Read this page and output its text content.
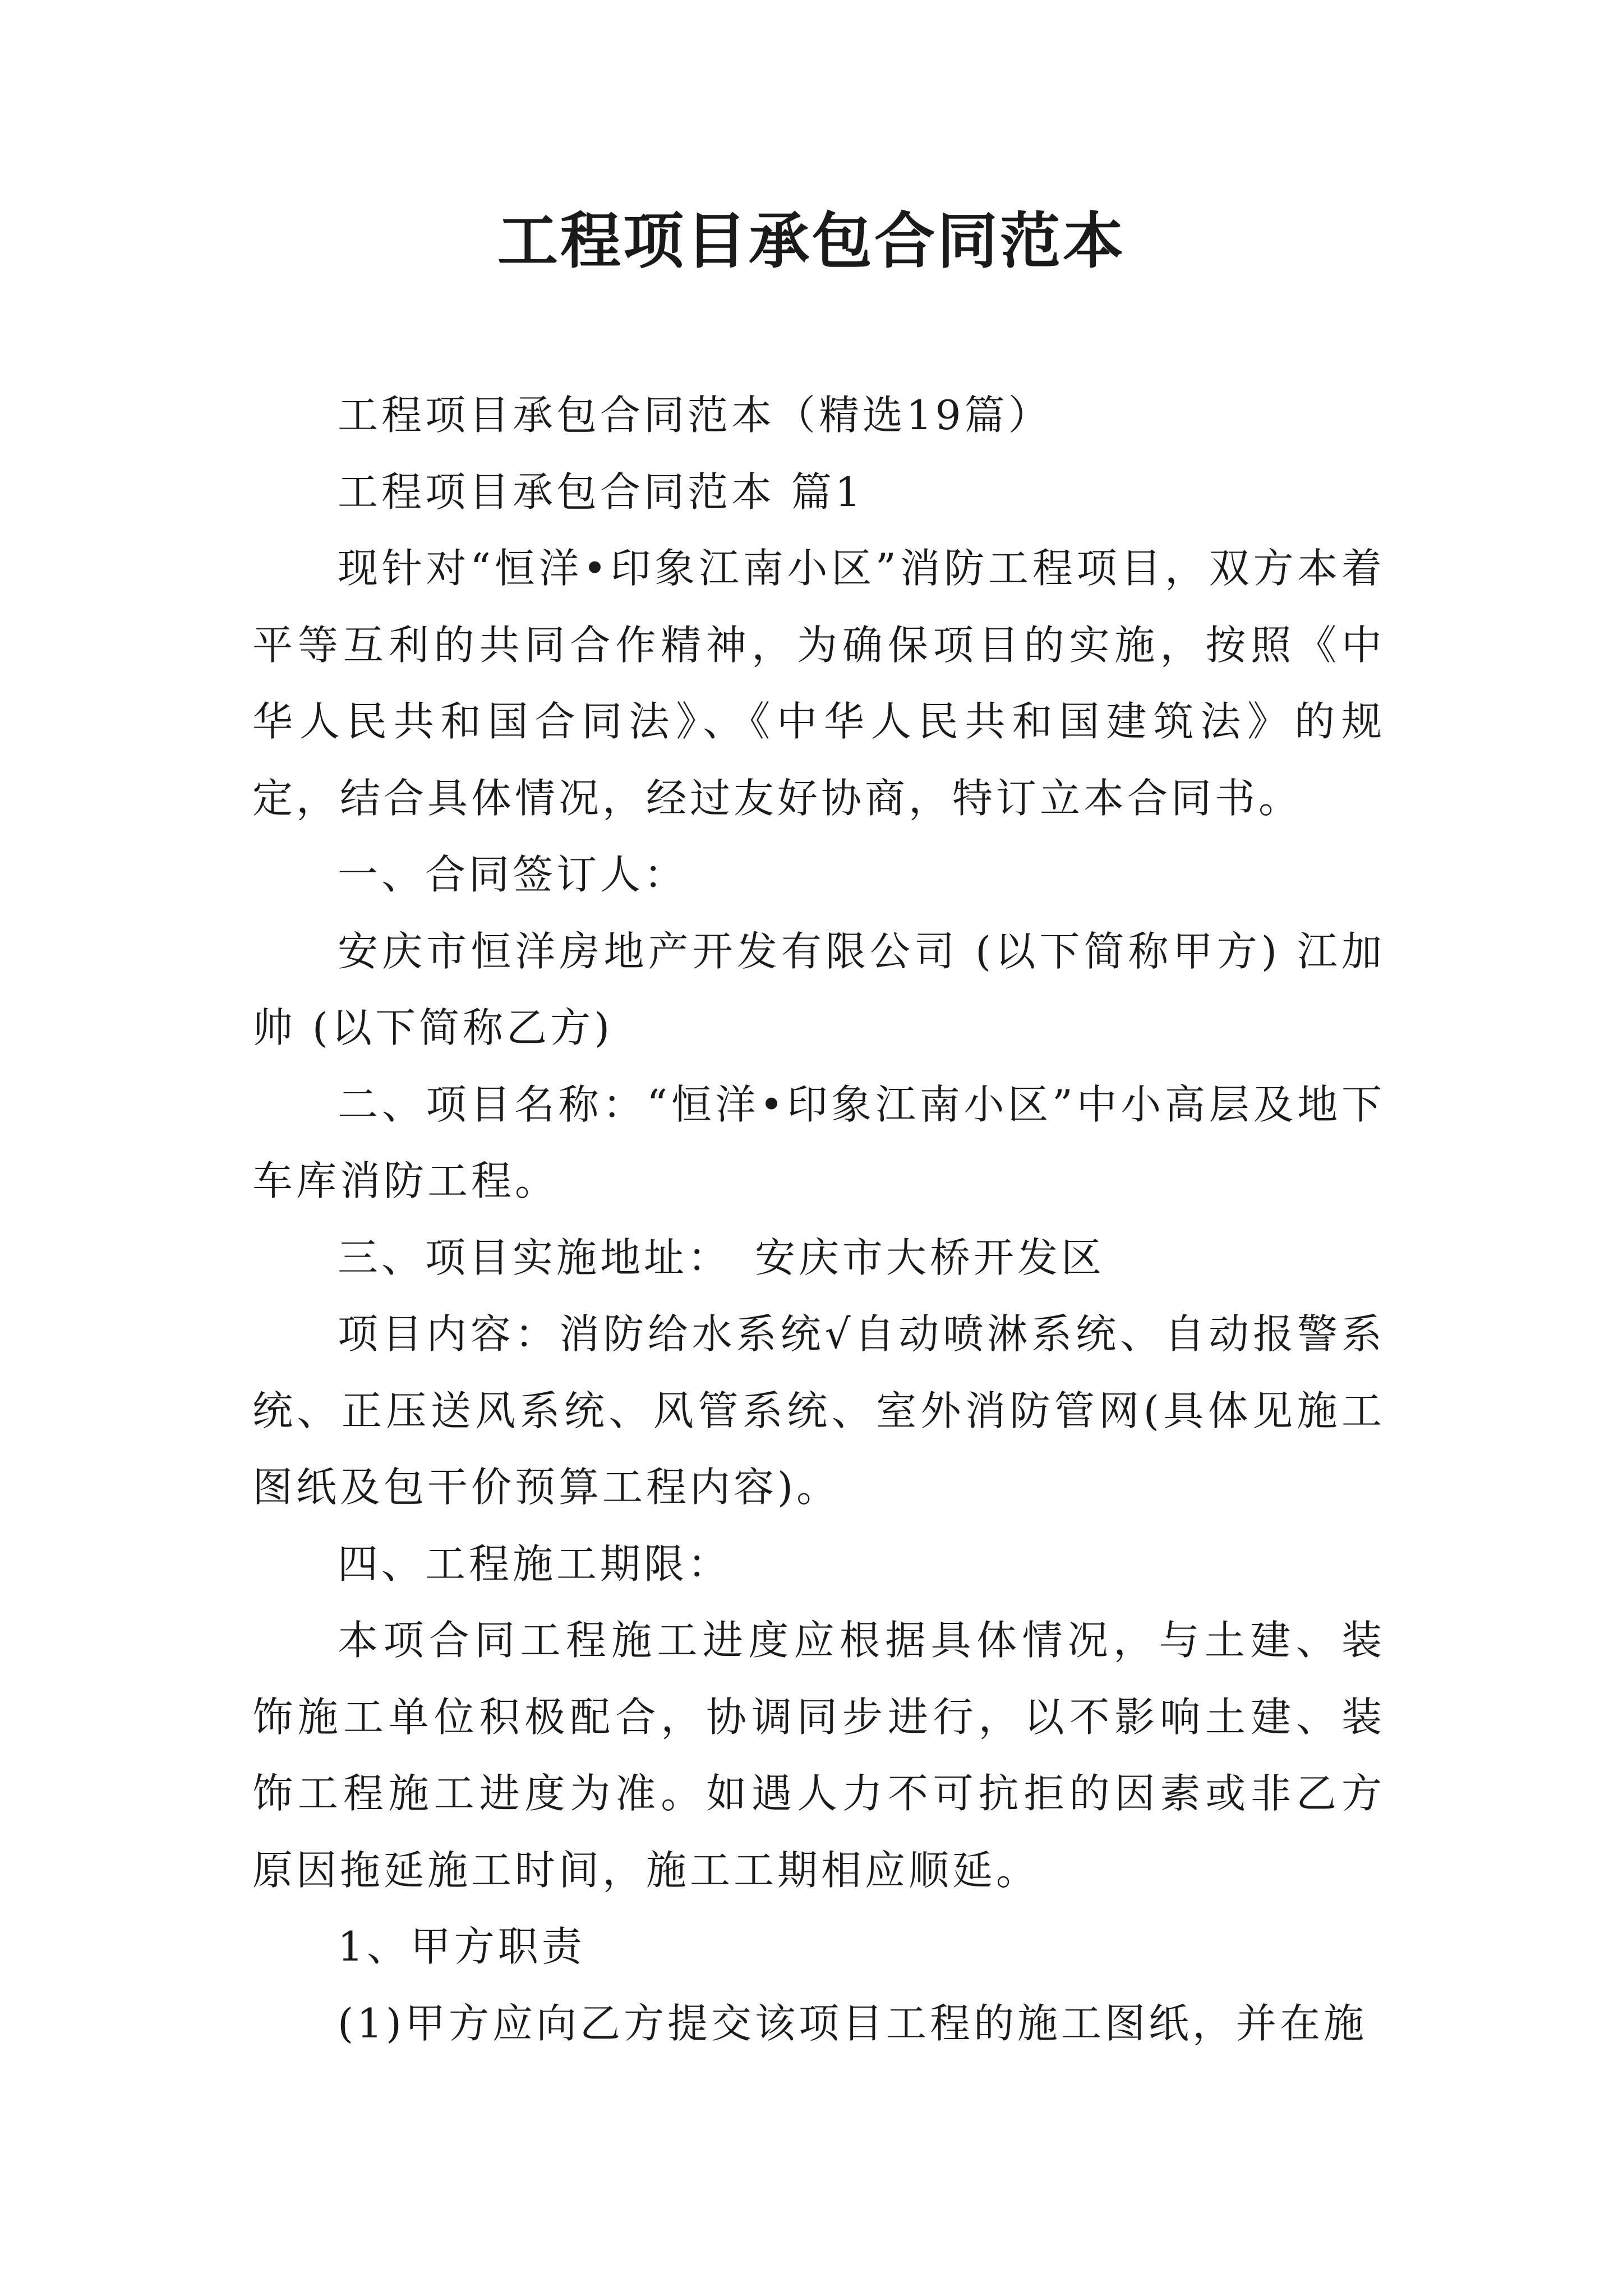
工程项目承包合同范本

工程项目承包合同范本（精选19篇）

工程项目承包合同范本 篇1

现针对“恒洋•印象江南小区”消防工程项目，双方本着平等互利的共同合作精神，为确保项目的实施，按照《中华人民共和国合同法》、《中华人民共和国建筑法》的规定，结合具体情况，经过友好协商，特订立本合同书。

一、合同签订人：

安庆市恒洋房地产开发有限公司 (以下简称甲方) 江加帅 (以下简称乙方)

二、项目名称：“恒洋•印象江南小区”中小高层及地下车库消防工程。

三、项目实施地址：　安庆市大桥开发区

项目内容：消防给水系统√自动喷淋系统、自动报警系统、正压送风系统、风管系统、室外消防管网(具体见施工图纸及包干价预算工程内容)。

四、工程施工期限：

本项合同工程施工进度应根据具体情况，与土建、装饰施工单位积极配合，协调同步进行，以不影响土建、装饰工程施工进度为准。如遇人力不可抗拒的因素或非乙方原因拖延施工时间，施工工期相应顺延。

1、甲方职责

(1)甲方应向乙方提交该项目工程的施工图纸，并在施
